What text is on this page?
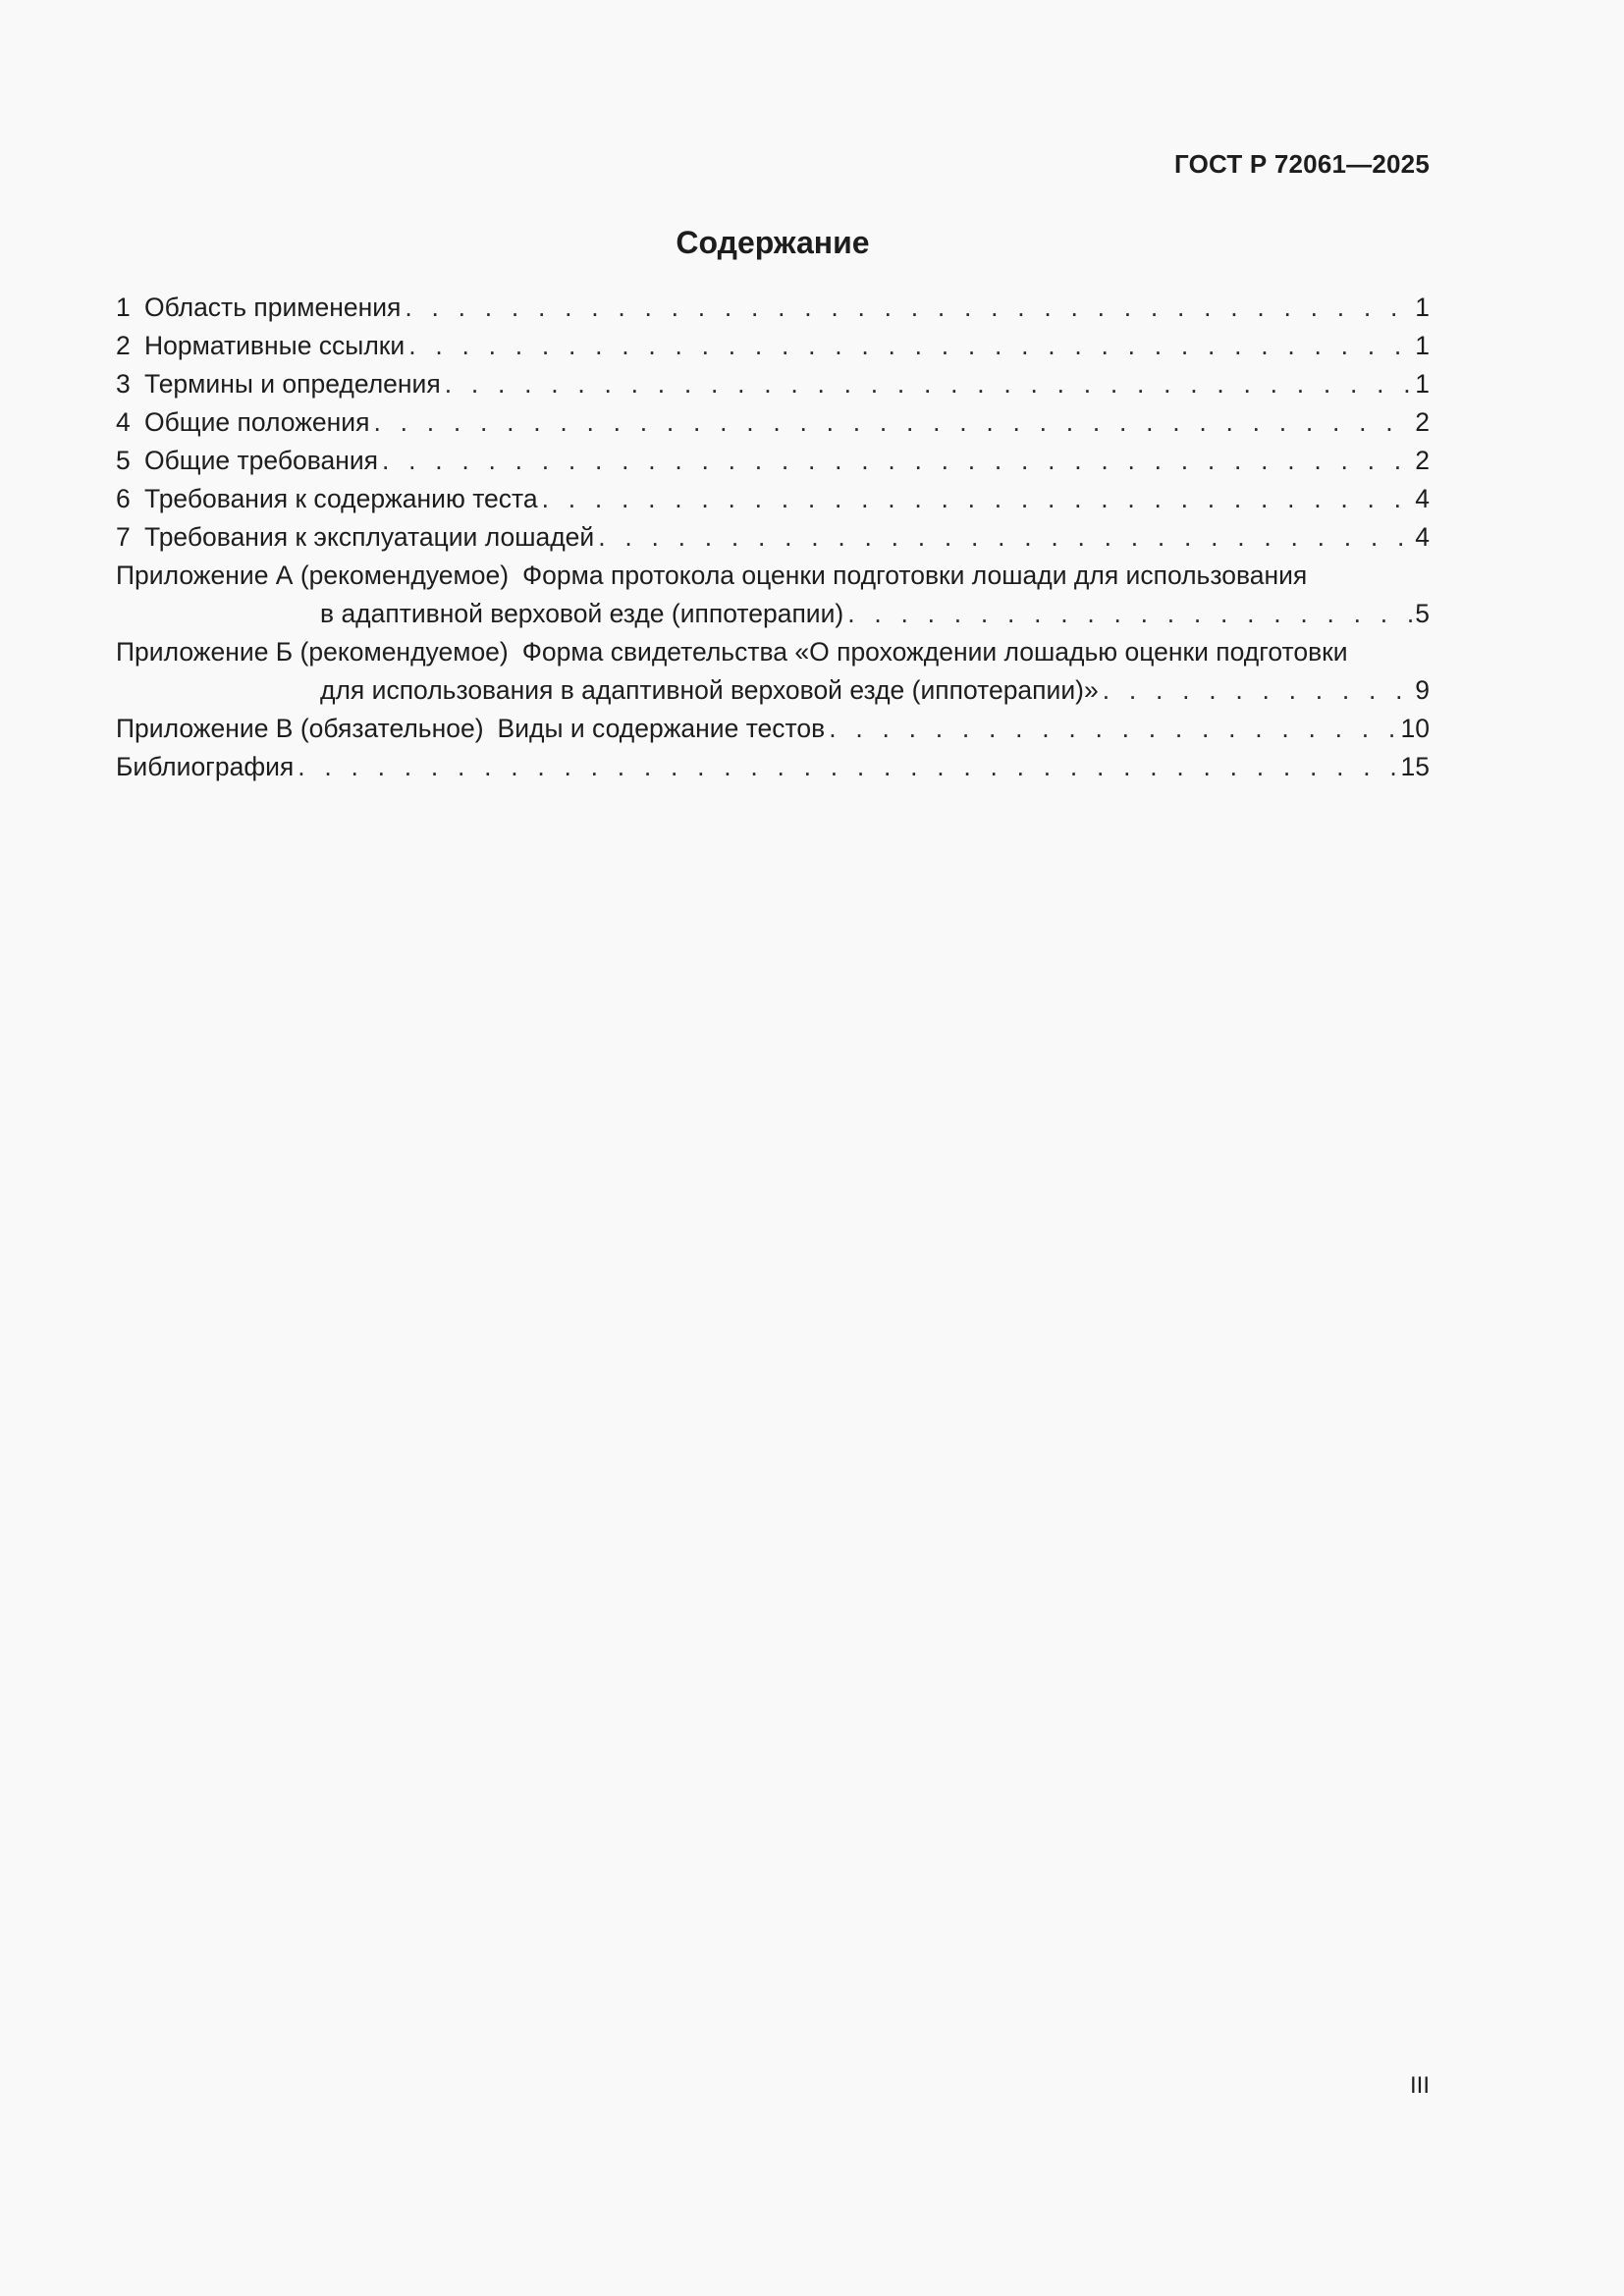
ГОСТ Р 72061—2025
Содержание
1 Область применения . . .	1
2 Нормативные ссылки . . .	1
3 Термины и определения . . .	1
4 Общие положения . . .	2
5 Общие требования . . .	2
6 Требования к содержанию теста . . .	4
7 Требования к эксплуатации лошадей . . .	4
Приложение А (рекомендуемое) Форма протокола оценки подготовки лошади для использования
в адаптивной верховой езде (иппотерапии) . . .	5
Приложение Б (рекомендуемое) Форма свидетельства «О прохождении лошадью оценки подготовки
для использования в адаптивной верховой езде (иппотерапии)» . . .	9
Приложение В (обязательное) Виды и содержание тестов . . .	10
Библиография . . .	15
III
